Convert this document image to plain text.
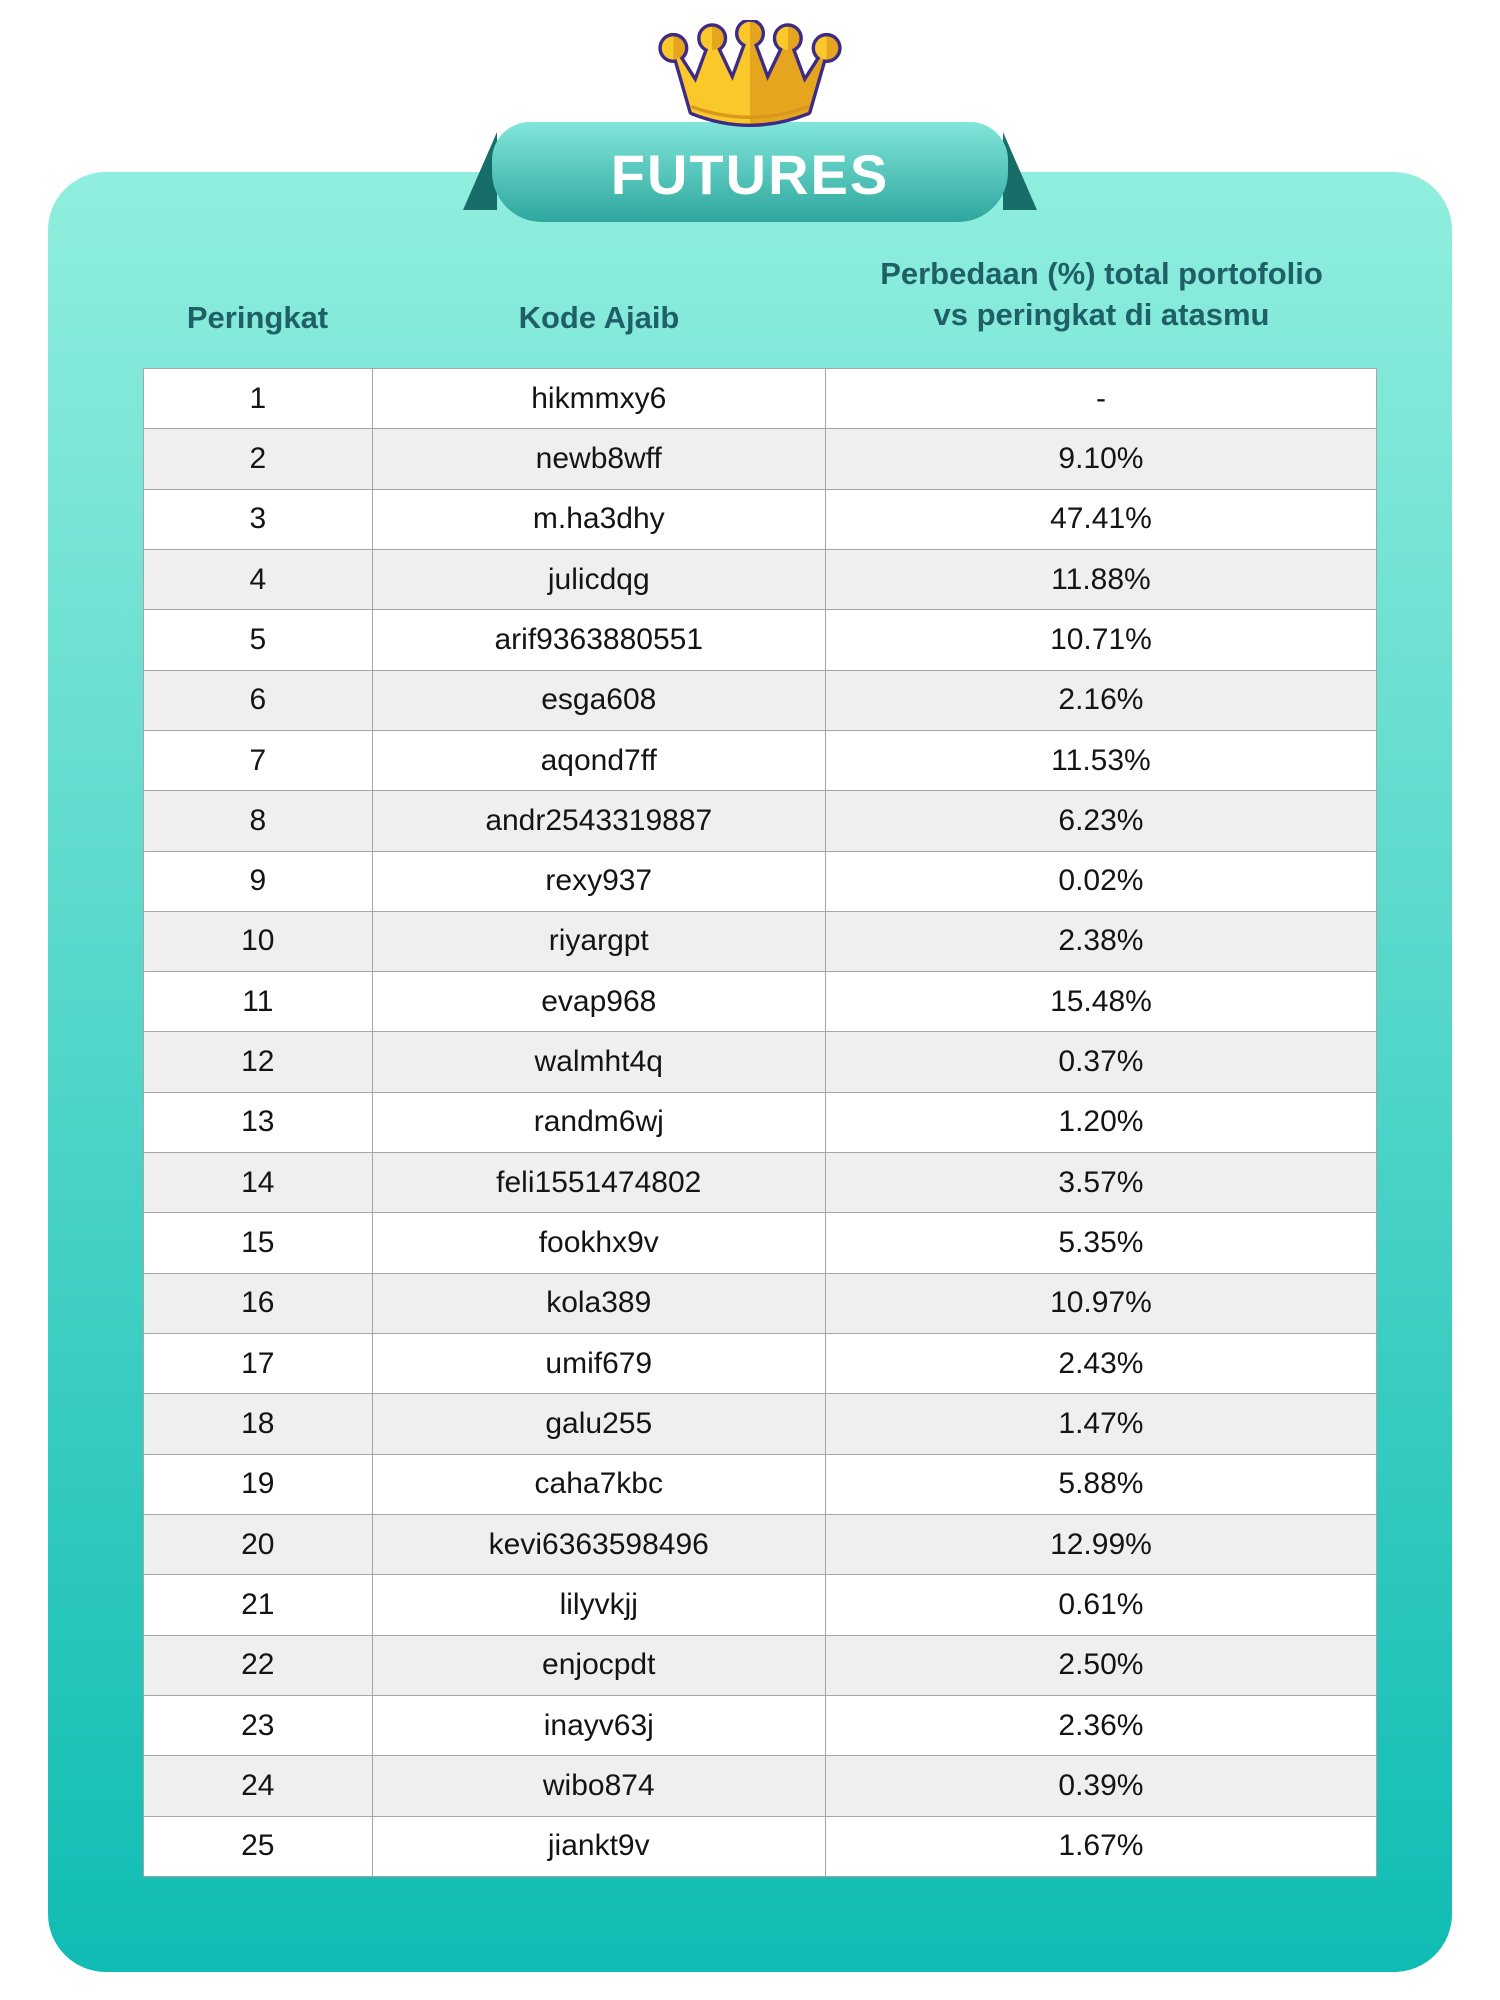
FUTURES
Peringkat	Kode Ajaib
Perbedaan (%) total portofolio
vs peringkat di atasmu
1	hikmmxy6	-
2	newb8wff	9.10%
3	m.ha3dhy	47.41%
4	julicdqg	11.88%
5	arif9363880551	10.71%
6	esga608	2.16%
7	aqond7ff	11.53%
8	andr2543319887	6.23%
9	rexy937	0.02%
10	riyargpt	2.38%
11	evap968	15.48%
12	walmht4q	0.37%
13	randm6wj	1.20%
14	feli1551474802	3.57%
15	fookhx9v	5.35%
16	kola389	10.97%
17	umif679	2.43%
18	galu255	1.47%
19	caha7kbc	5.88%
20	kevi6363598496	12.99%
21	lilyvkjj	0.61%
22	enjocpdt	2.50%
23	inayv63j	2.36%
24	wibo874	0.39%
25	jiankt9v	1.67%
